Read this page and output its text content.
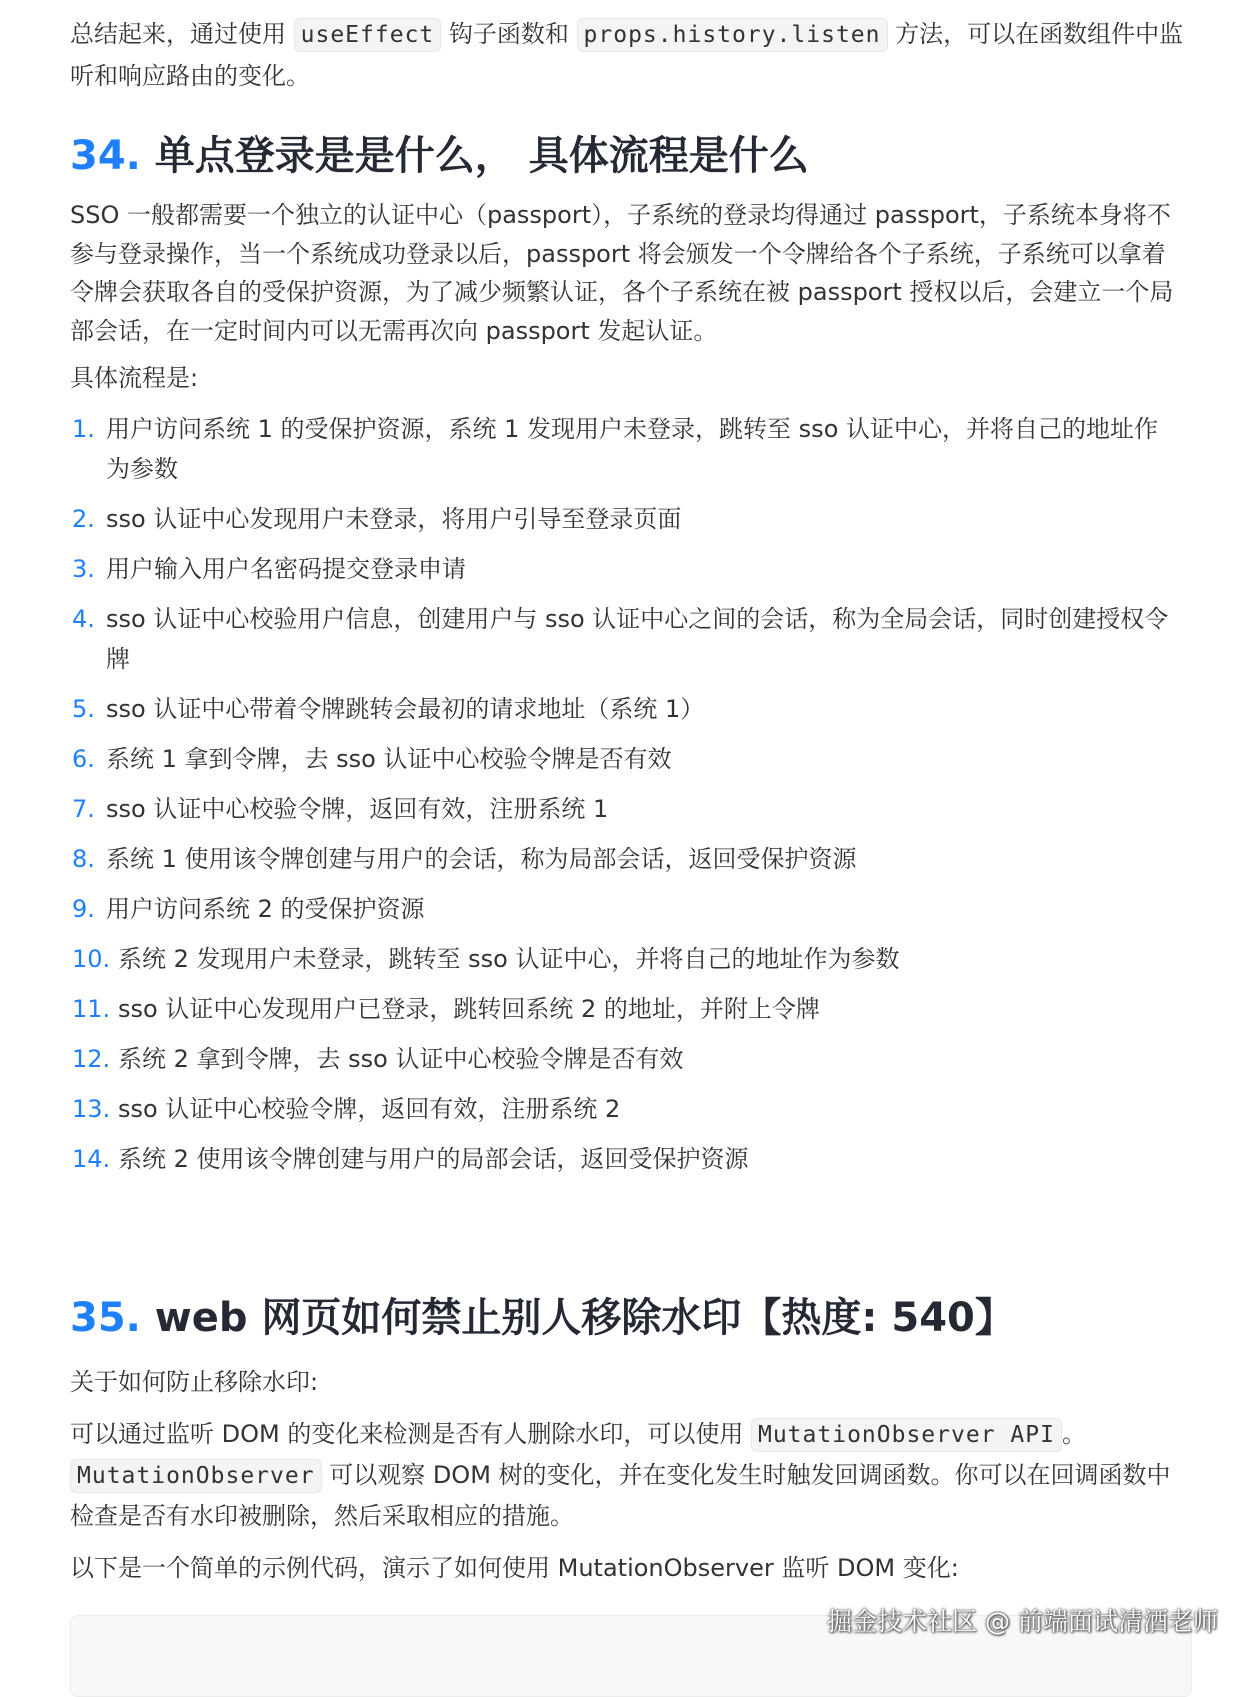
总结起来，通过使用 useEffect 钩子函数和 props.history.listen 方法，可以在函数组件中监听和响应路由的变化。

34. 单点登录是是什么， 具体流程是什么

SSO 一般都需要一个独立的认证中心（passport），子系统的登录均得通过 passport，子系统本身将不参与登录操作，当一个系统成功登录以后，passport 将会颁发一个令牌给各个子系统，子系统可以拿着令牌会获取各自的受保护资源，为了减少频繁认证，各个子系统在被 passport 授权以后，会建立一个局部会话，在一定时间内可以无需再次向 passport 发起认证。

具体流程是:

1. 用户访问系统 1 的受保护资源，系统 1 发现用户未登录，跳转至 sso 认证中心，并将自己的地址作为参数
2. sso 认证中心发现用户未登录，将用户引导至登录页面
3. 用户输入用户名密码提交登录申请
4. sso 认证中心校验用户信息，创建用户与 sso 认证中心之间的会话，称为全局会话，同时创建授权令牌
5. sso 认证中心带着令牌跳转会最初的请求地址（系统 1）
6. 系统 1 拿到令牌，去 sso 认证中心校验令牌是否有效
7. sso 认证中心校验令牌，返回有效，注册系统 1
8. 系统 1 使用该令牌创建与用户的会话，称为局部会话，返回受保护资源
9. 用户访问系统 2 的受保护资源
10. 系统 2 发现用户未登录，跳转至 sso 认证中心，并将自己的地址作为参数
11. sso 认证中心发现用户已登录，跳转回系统 2 的地址，并附上令牌
12. 系统 2 拿到令牌，去 sso 认证中心校验令牌是否有效
13. sso 认证中心校验令牌，返回有效，注册系统 2
14. 系统 2 使用该令牌创建与用户的局部会话，返回受保护资源
35. web 网页如何禁止别人移除水印【热度: 540】

关于如何防止移除水印:

可以通过监听 DOM 的变化来检测是否有人删除水印，可以使用 MutationObserver API 。
MutationObserver 可以观察 DOM 树的变化，并在变化发生时触发回调函数。你可以在回调函数中检查是否有水印被删除，然后采取相应的措施。

以下是一个简单的示例代码，演示了如何使用 MutationObserver 监听 DOM 变化:

掘金技术社区 @ 前端面试清酒老师
